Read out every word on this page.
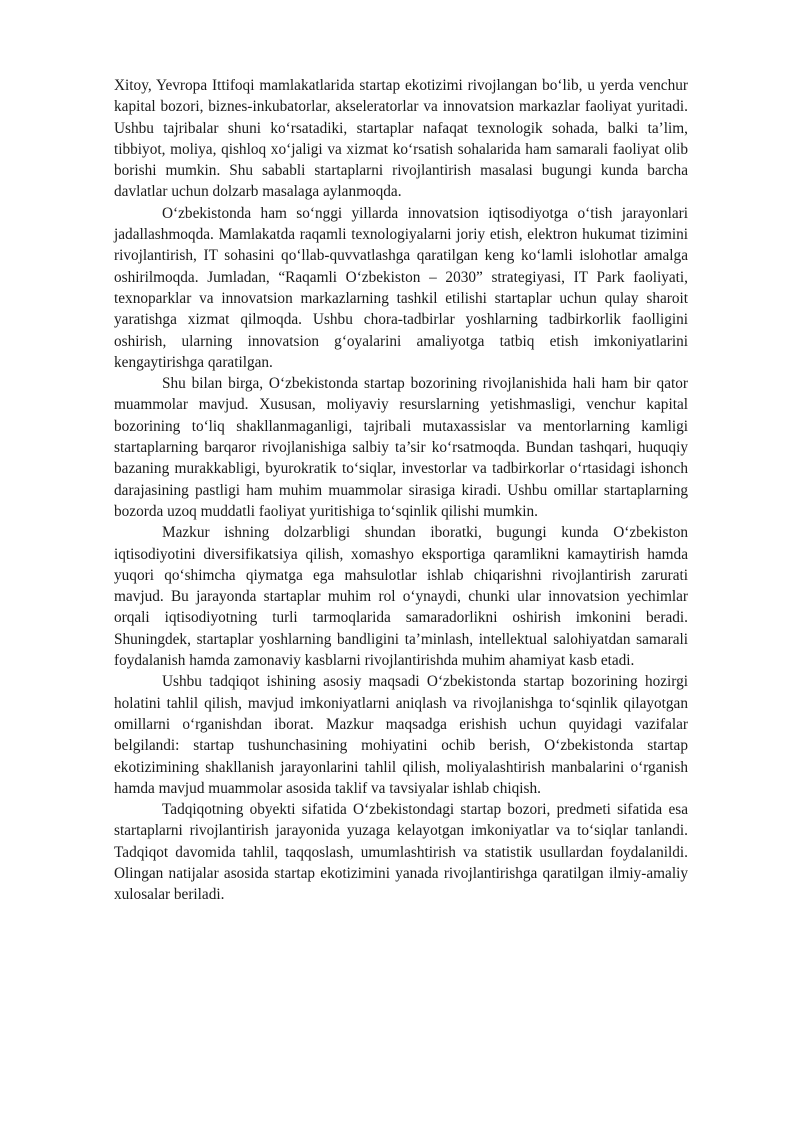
Xitoy, Yevropa Ittifoqi mamlakatlarida startap ekotizimi rivojlangan bo‘lib, u yerda venchur kapital bozori, biznes-inkubatorlar, akseleratorlar va innovatsion markazlar faoliyat yuritadi. Ushbu tajribalar shuni ko‘rsatadiki, startaplar nafaqat texnologik sohada, balki ta’lim, tibbiyot, moliya, qishloq xo‘jaligi va xizmat ko‘rsatish sohalarida ham samarali faoliyat olib borishi mumkin. Shu sababli startaplarni rivojlantirish masalasi bugungi kunda barcha davlatlar uchun dolzarb masalaga aylanmoqda.

O‘zbekistonda ham so‘nggi yillarda innovatsion iqtisodiyotga o‘tish jarayonlari jadallashmoqda. Mamlakatda raqamli texnologiyalarni joriy etish, elektron hukumat tizimini rivojlantirish, IT sohasini qo‘llab-quvvatlashga qaratilgan keng ko‘lamli islohotlar amalga oshirilmoqda. Jumladan, “Raqamli O‘zbekiston – 2030” strategiyasi, IT Park faoliyati, texnoparklar va innovatsion markazlarning tashkil etilishi startaplar uchun qulay sharoit yaratishga xizmat qilmoqda. Ushbu chora-tadbirlar yoshlarning tadbirkorlik faolligini oshirish, ularning innovatsion g‘oyalarini amaliyotga tatbiq etish imkoniyatlarini kengaytirishga qaratilgan.

Shu bilan birga, O‘zbekistonda startap bozorining rivojlanishida hali ham bir qator muammolar mavjud. Xususan, moliyaviy resurslarning yetishmasligi, venchur kapital bozorining to‘liq shakllanmaganligi, tajribali mutaxassislar va mentorlarning kamligi startaplarning barqaror rivojlanishiga salbiy ta’sir ko‘rsatmoqda. Bundan tashqari, huquqiy bazaning murakkabligi, byurokratik to‘siqlar, investorlar va tadbirkorlar o‘rtasidagi ishonch darajasining pastligi ham muhim muammolar sirasiga kiradi. Ushbu omillar startaplarning bozorda uzoq muddatli faoliyat yuritishiga to‘sqinlik qilishi mumkin.

Mazkur ishning dolzarbligi shundan iboratki, bugungi kunda O‘zbekiston iqtisodiyotini diversifikatsiya qilish, xomashyo eksportiga qaramlikni kamaytirish hamda yuqori qo‘shimcha qiymatga ega mahsulotlar ishlab chiqarishni rivojlantirish zarurati mavjud. Bu jarayonda startaplar muhim rol o‘ynaydi, chunki ular innovatsion yechimlar orqali iqtisodiyotning turli tarmoqlarida samaradorlikni oshirish imkonini beradi. Shuningdek, startaplar yoshlarning bandligini ta’minlash, intellektual salohiyatdan samarali foydalanish hamda zamonaviy kasblarni rivojlantirishda muhim ahamiyat kasb etadi.

Ushbu tadqiqot ishining asosiy maqsadi O‘zbekistonda startap bozorining hozirgi holatini tahlil qilish, mavjud imkoniyatlarni aniqlash va rivojlanishga to‘sqinlik qilayotgan omillarni o‘rganishdan iborat. Mazkur maqsadga erishish uchun quyidagi vazifalar belgilandi: startap tushunchasining mohiyatini ochib berish, O‘zbekistonda startap ekotizimining shakllanish jarayonlarini tahlil qilish, moliyalashtirish manbalarini o‘rganish hamda mavjud muammolar asosida taklif va tavsiyalar ishlab chiqish.

Tadqiqotning obyekti sifatida O‘zbekistondagi startap bozori, predmeti sifatida esa startaplarni rivojlantirish jarayonida yuzaga kelayotgan imkoniyatlar va to‘siqlar tanlandi. Tadqiqot davomida tahlil, taqqoslash, umumlashtirish va statistik usullardan foydalanildi. Olingan natijalar asosida startap ekotizimini yanada rivojlantirishga qaratilgan ilmiy-amaliy xulosalar beriladi.
